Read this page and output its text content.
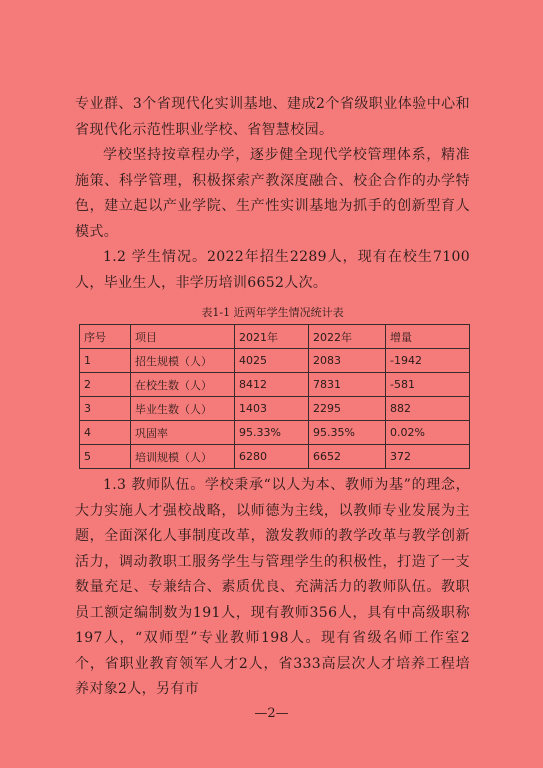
专业群、3个省现代化实训基地、建成2个省级职业体验中心和省现代化示范性职业学校、省智慧校园。

学校坚持按章程办学，逐步健全现代学校管理体系，精准施策、科学管理，积极探索产教深度融合、校企合作的办学特色，建立起以产业学院、生产性实训基地为抓手的创新型育人模式。

1.2 学生情况。2022年招生2289人，现有在校生7100人，毕业生人，非学历培训6652人次。

表1-1 近两年学生情况统计表
序号	项目	2021年	2022年	增量
1	招生规模（人）	4025	2083	-1942
2	在校生数（人）	8412	7831	-581
3	毕业生数（人）	1403	2295	882
4	巩固率	95.33%	95.35%	0.02%
5	培训规模（人）	6280	6652	372

1.3 教师队伍。学校秉承“以人为本、教师为基”的理念，大力实施人才强校战略，以师德为主线，以教师专业发展为主题，全面深化人事制度改革，激发教师的教学改革与教学创新活力，调动教职工服务学生与管理学生的积极性，打造了一支数量充足、专兼结合、素质优良、充满活力的教师队伍。教职员工额定编制数为191人，现有教师356人，具有中高级职称197人，“双师型”专业教师198人。现有省级名师工作室2个，省职业教育领军人才2人，省333高层次人才培养工程培养对象2人，另有市

—2—
